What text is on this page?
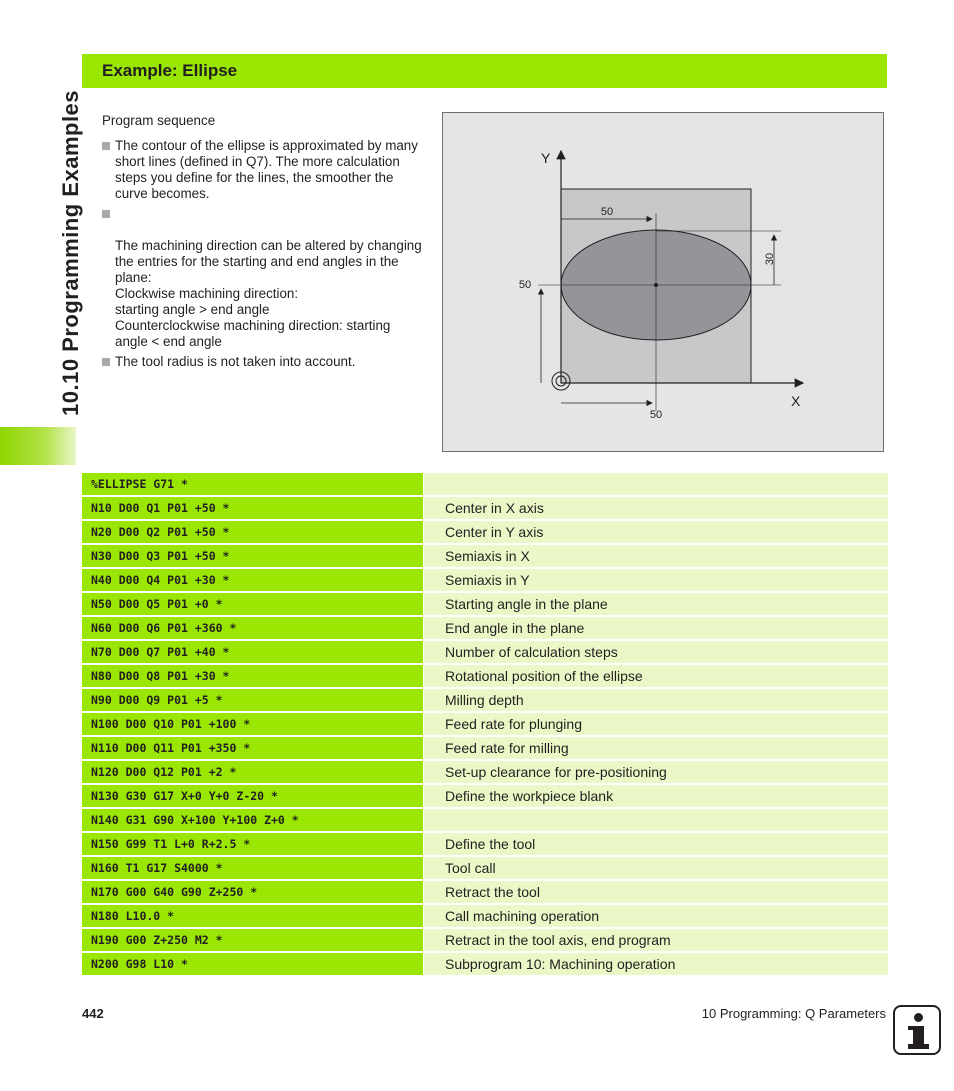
10.10 Programming Examples
Example: Ellipse
Program sequence
The contour of the ellipse is approximated by many short lines (defined in Q7). The more calculation steps you define for the lines, the smoother the curve becomes.

The machining direction can be altered by changing the entries for the starting and end angles in the plane:
Clockwise machining direction:
starting angle > end angle
Counterclockwise machining direction: starting angle < end angle

The tool radius is not taken into account.
Y
X
50
30
50
50
%ELLIPSE G71 *
N10 D00 Q1 P01 +50 *	Center in X axis
N20 D00 Q2 P01 +50 *	Center in Y axis
N30 D00 Q3 P01 +50 *	Semiaxis in X
N40 D00 Q4 P01 +30 *	Semiaxis in Y
N50 D00 Q5 P01 +0 *	Starting angle in the plane
N60 D00 Q6 P01 +360 *	End angle in the plane
N70 D00 Q7 P01 +40 *	Number of calculation steps
N80 D00 Q8 P01 +30 *	Rotational position of the ellipse
N90 D00 Q9 P01 +5 *	Milling depth
N100 D00 Q10 P01 +100 *	Feed rate for plunging
N110 D00 Q11 P01 +350 *	Feed rate for milling
N120 D00 Q12 P01 +2 *	Set-up clearance for pre-positioning
N130 G30 G17 X+0 Y+0 Z-20 *	Define the workpiece blank
N140 G31 G90 X+100 Y+100 Z+0 *
N150 G99 T1 L+0 R+2.5 *	Define the tool
N160 T1 G17 S4000 *	Tool call
N170 G00 G40 G90 Z+250 *	Retract the tool
N180 L10.0 *	Call machining operation
N190 G00 Z+250 M2 *	Retract in the tool axis, end program
N200 G98 L10 *	Subprogram 10: Machining operation
442	10 Programming: Q Parameters
